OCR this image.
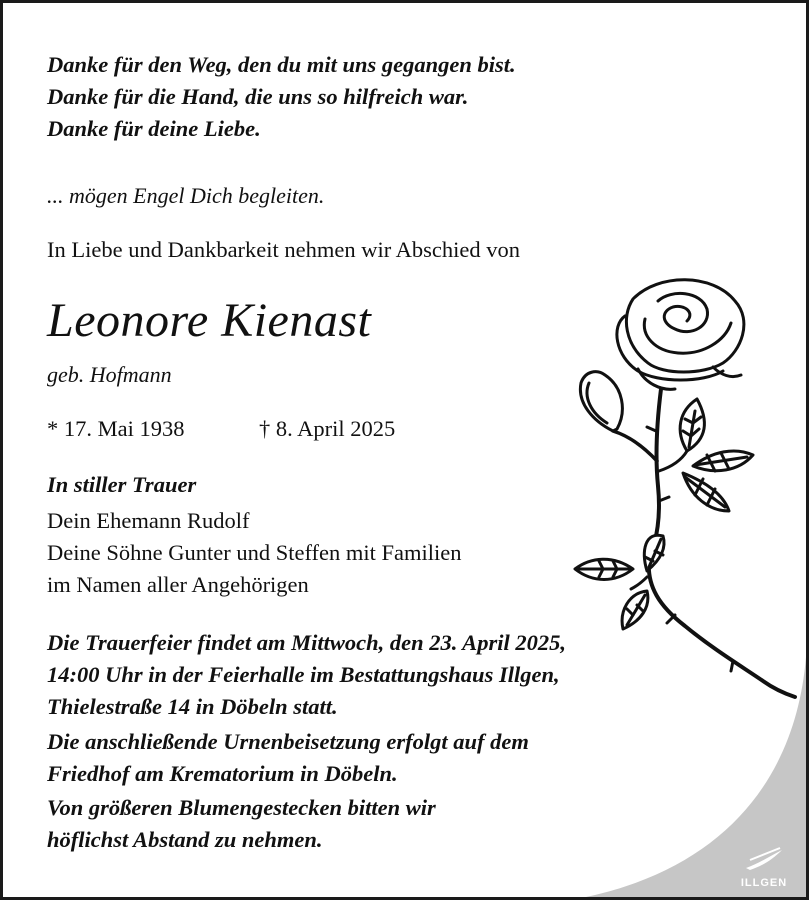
Danke für den Weg, den du mit uns gegangen bist.
Danke für die Hand, die uns so hilfreich war.
Danke für deine Liebe.
... mögen Engel Dich begleiten.
In Liebe und Dankbarkeit nehmen wir Abschied von
Leonore Kienast
geb. Hofmann
* 17. Mai 1938	† 8. April 2025
In stiller Trauer
Dein Ehemann Rudolf
Deine Söhne Gunter und Steffen mit Familien
im Namen aller Angehörigen
Die Trauerfeier findet am Mittwoch, den 23. April 2025,
14:00 Uhr in der Feierhalle im Bestattungshaus Illgen,
Thielestraße 14 in Döbeln statt.
Die anschließende Urnenbeisetzung erfolgt auf dem
Friedhof am Krematorium in Döbeln.
Von größeren Blumengestecken bitten wir
höflichst Abstand zu nehmen.
ILLGEN
